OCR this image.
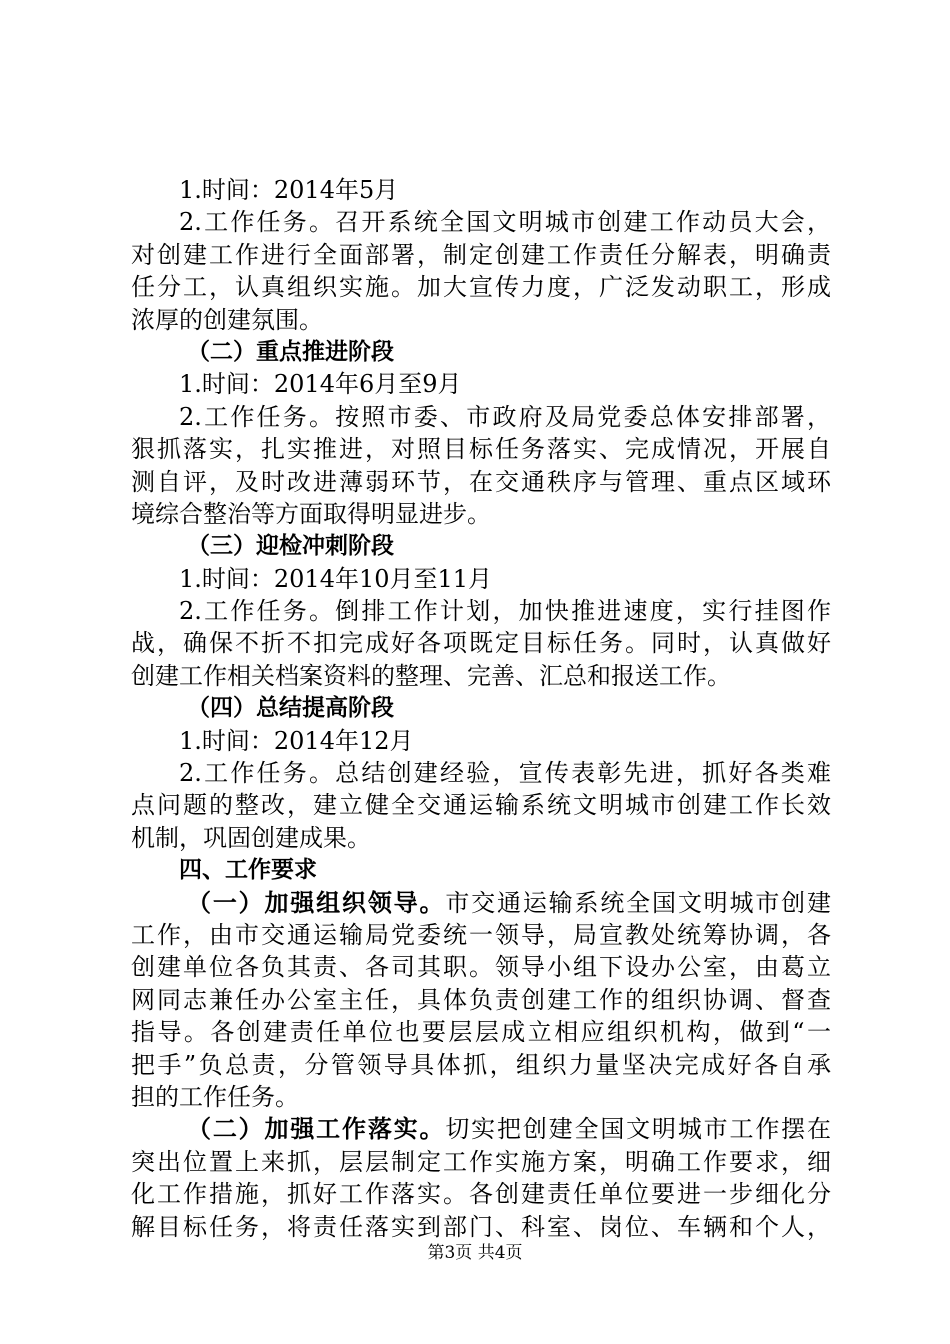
1.时间：2014年5月
2.工作任务。召开系统全国文明城市创建工作动员大会，
对创建工作进行全面部署，制定创建工作责任分解表，明确责
任分工，认真组织实施。加大宣传力度，广泛发动职工，形成
浓厚的创建氛围。
（二）重点推进阶段
1.时间：2014年6月至9月
2.工作任务。按照市委、市政府及局党委总体安排部署，
狠抓落实，扎实推进，对照目标任务落实、完成情况，开展自
测自评，及时改进薄弱环节，在交通秩序与管理、重点区域环
境综合整治等方面取得明显进步。
（三）迎检冲刺阶段
1.时间：2014年10月至11月
2.工作任务。倒排工作计划，加快推进速度，实行挂图作
战，确保不折不扣完成好各项既定目标任务。同时，认真做好
创建工作相关档案资料的整理、完善、汇总和报送工作。
（四）总结提高阶段
1.时间：2014年12月
2.工作任务。总结创建经验，宣传表彰先进，抓好各类难
点问题的整改，建立健全交通运输系统文明城市创建工作长效
机制，巩固创建成果。
四、工作要求
（一）加强组织领导。市交通运输系统全国文明城市创建
工作，由市交通运输局党委统一领导，局宣教处统筹协调，各
创建单位各负其责、各司其职。领导小组下设办公室，由葛立
网同志兼任办公室主任，具体负责创建工作的组织协调、督查
指导。各创建责任单位也要层层成立相应组织机构，做到“一
把手”负总责，分管领导具体抓，组织力量坚决完成好各自承
担的工作任务。
（二）加强工作落实。切实把创建全国文明城市工作摆在
突出位置上来抓，层层制定工作实施方案，明确工作要求，细
化工作措施，抓好工作落实。各创建责任单位要进一步细化分
解目标任务，将责任落实到部门、科室、岗位、车辆和个人，
第3页 共4页
